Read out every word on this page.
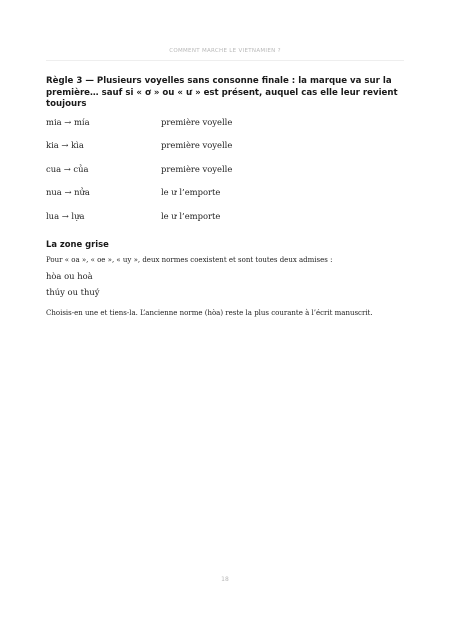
COMMENT MARCHE LE VIETNAMIEN ?

Règle 3 — Plusieurs voyelles sans consonne finale : la marque va sur la première… sauf si « ơ » ou « ư » est présent, auquel cas elle leur revient toujours

mia → mía	première voyelle
kia → kìa	première voyelle
cua → của	première voyelle
nua → nửa	le ư l’emporte
lua → lựa	le ư l’emporte
La zone grise
Pour « oa », « oe », « uy », deux normes coexistent et sont toutes deux admises :
hòa ou hoà
thúy ou thuý
Choisis-en une et tiens-la. L’ancienne norme (hòa) reste la plus courante à l’écrit manuscrit.
18
